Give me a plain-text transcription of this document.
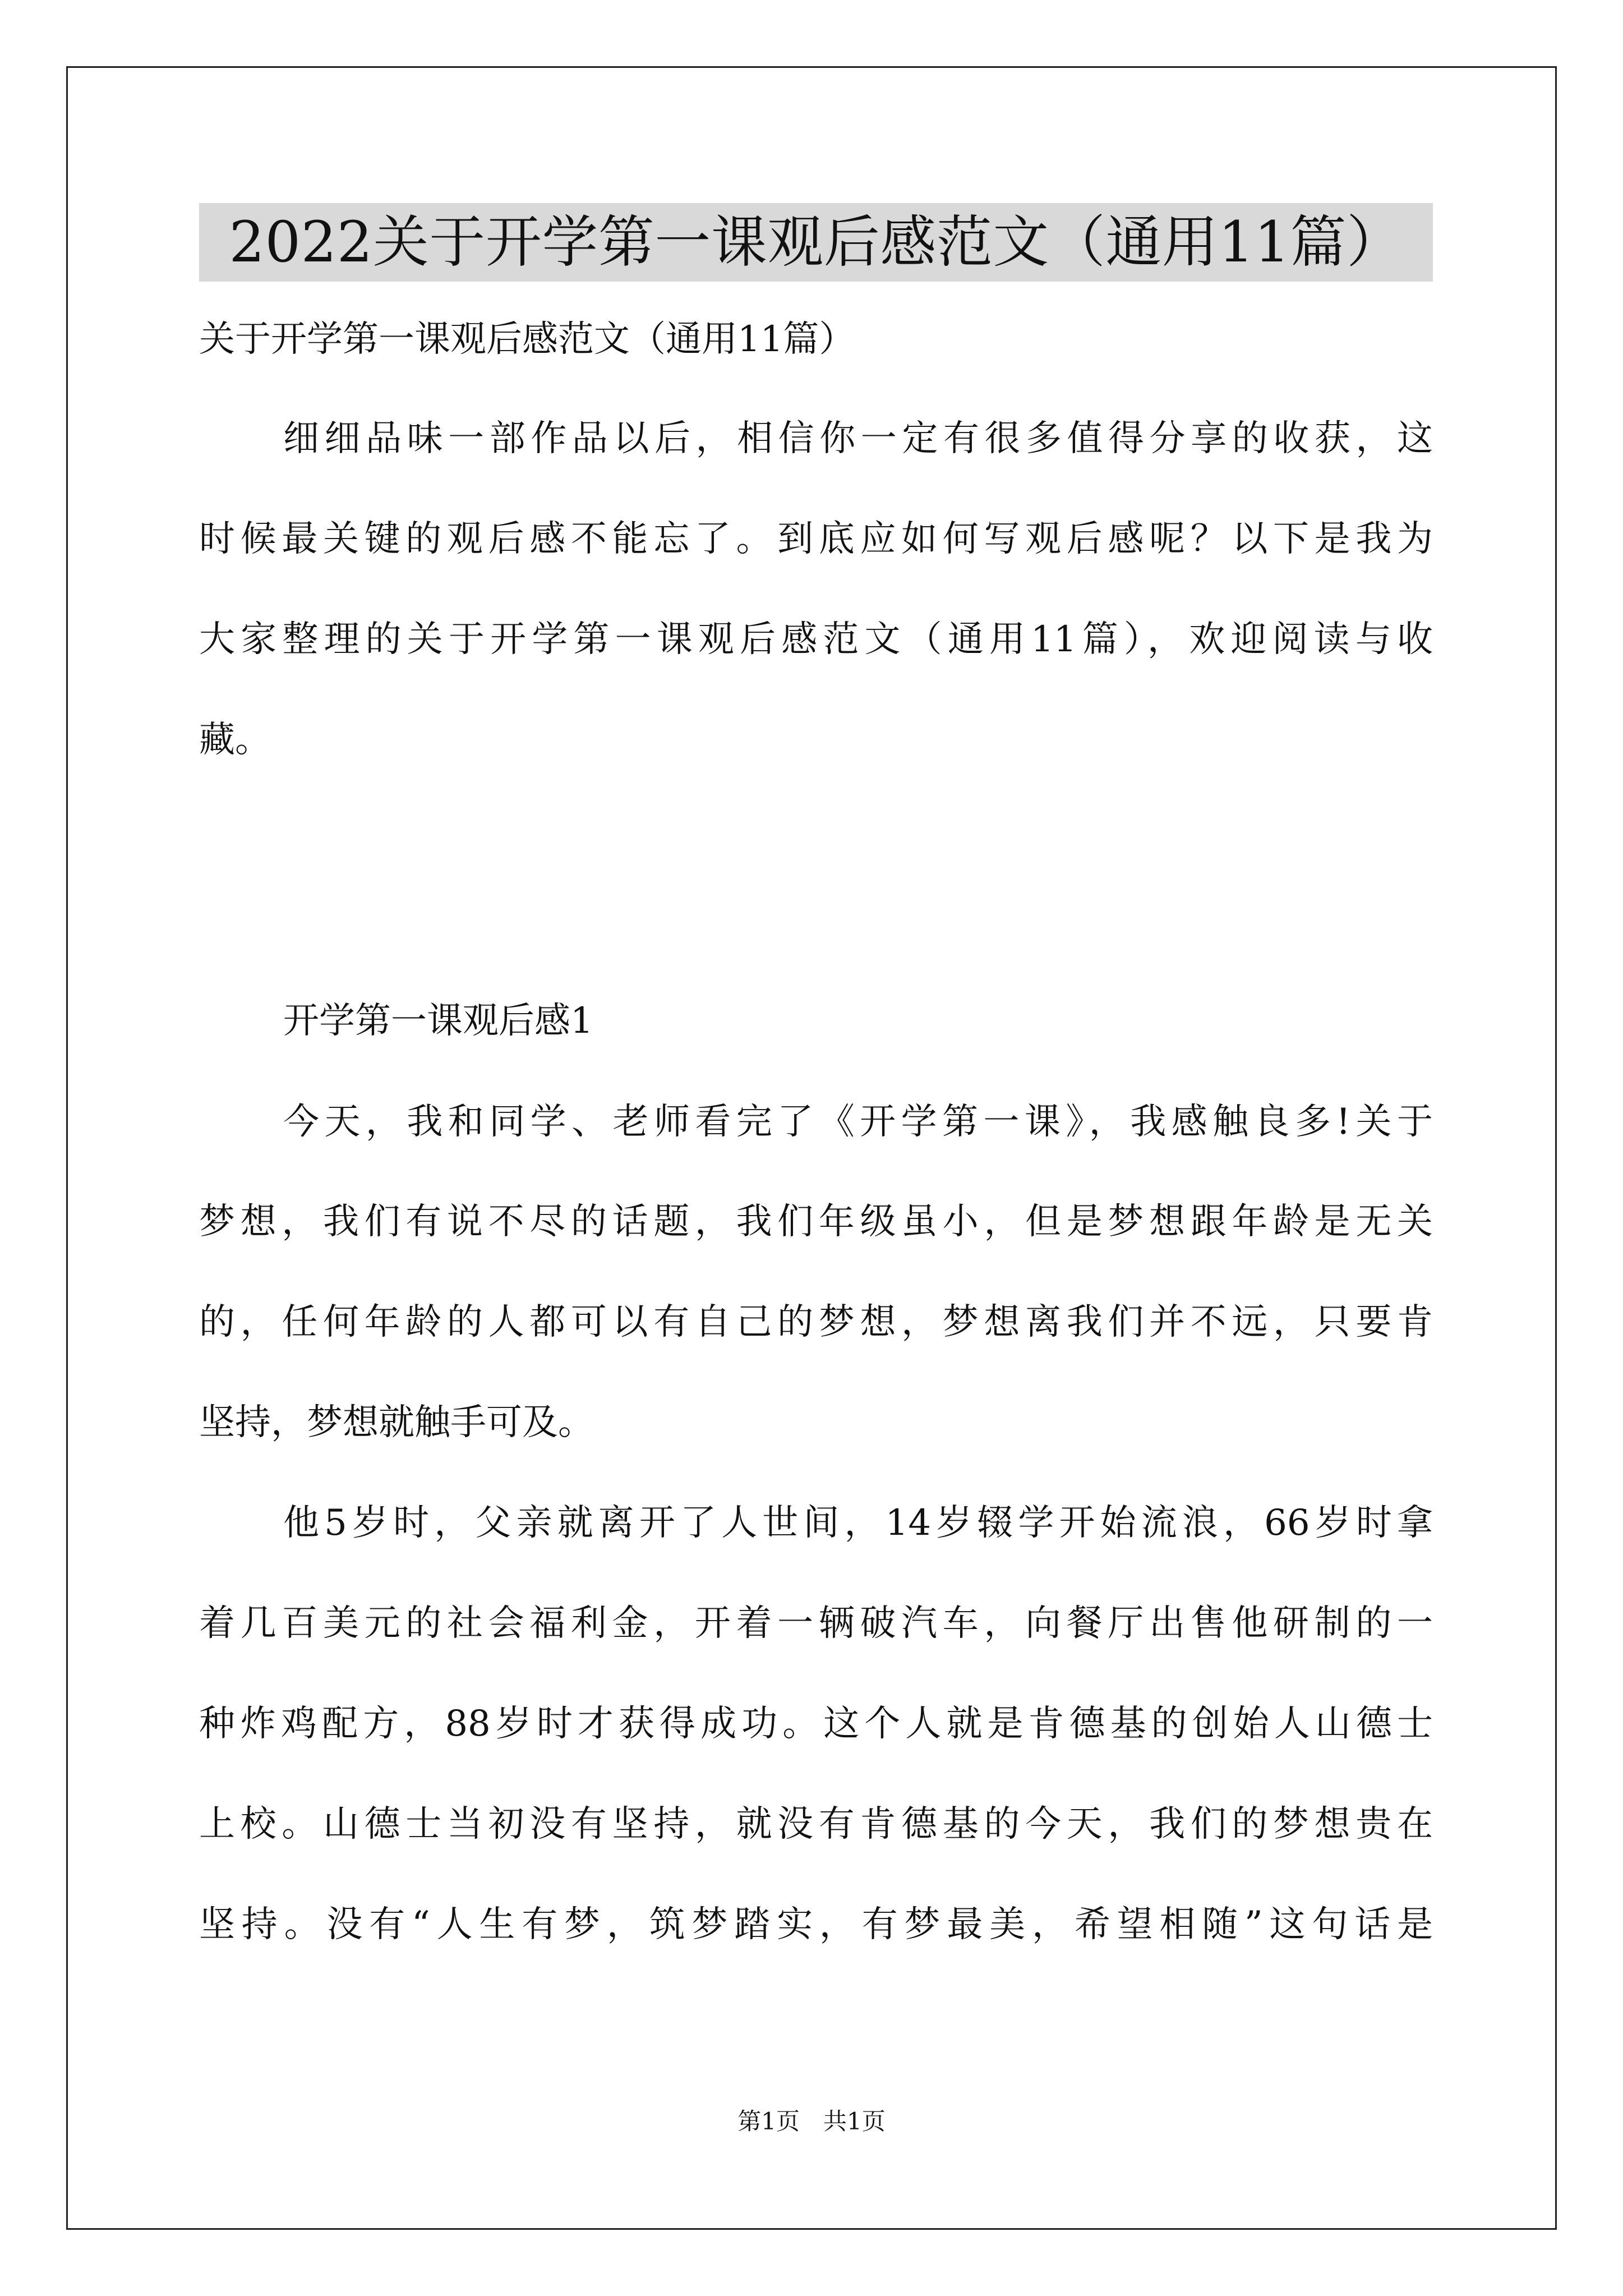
2022关于开学第一课观后感范文（通用11篇）
关于开学第一课观后感范文（通用11篇）
细细品味一部作品以后，相信你一定有很多值得分享的收获，这
时候最关键的观后感不能忘了。到底应如何写观后感呢？以下是我为
大家整理的关于开学第一课观后感范文（通用11篇），欢迎阅读与收
藏。
开学第一课观后感1
今天，我和同学、老师看完了《开学第一课》，我感触良多!关于
梦想，我们有说不尽的话题，我们年级虽小，但是梦想跟年龄是无关
的，任何年龄的人都可以有自己的梦想，梦想离我们并不远，只要肯
坚持，梦想就触手可及。
他5岁时，父亲就离开了人世间，14岁辍学开始流浪，66岁时拿
着几百美元的社会福利金，开着一辆破汽车，向餐厅出售他研制的一
种炸鸡配方，88岁时才获得成功。这个人就是肯德基的创始人山德士
上校。山德士当初没有坚持，就没有肯德基的今天，我们的梦想贵在
坚持。没有“人生有梦，筑梦踏实，有梦最美，希望相随”这句话是
第1页　共1页
